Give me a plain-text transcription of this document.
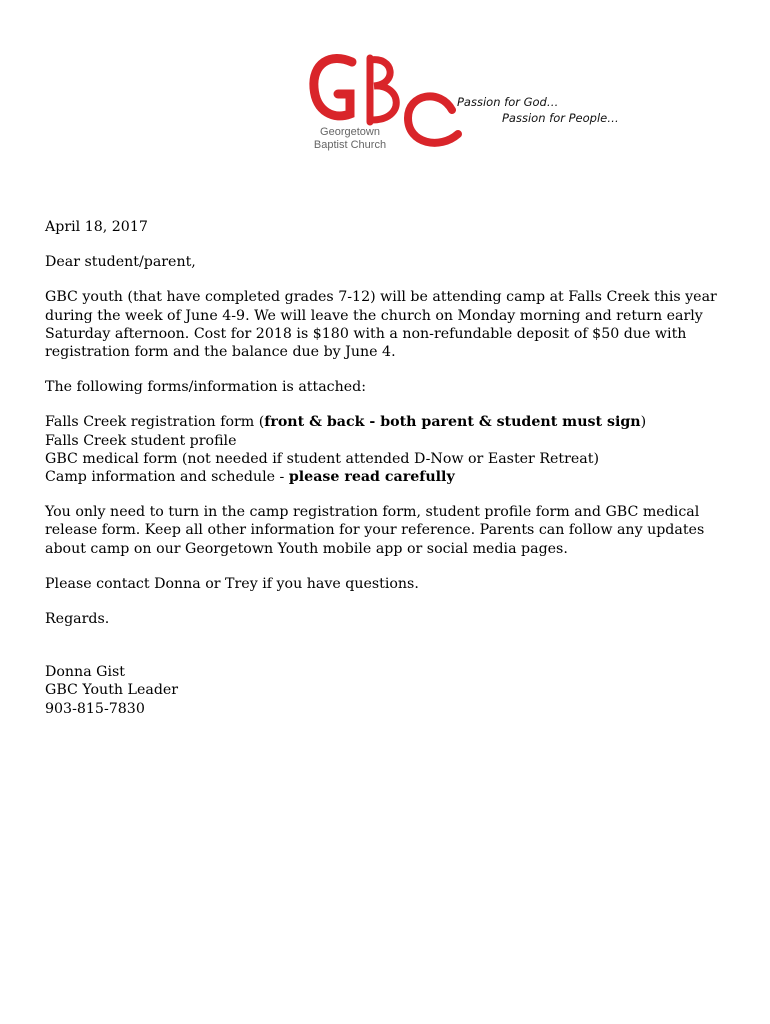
Georgetown
Baptist Church
Passion for God…
Passion for People…

April 18, 2017

Dear student/parent,

GBC youth (that have completed grades 7-12) will be attending camp at Falls Creek this year during the week of June 4-9. We will leave the church on Monday morning and return early Saturday afternoon. Cost for 2018 is $180 with a non-refundable deposit of $50 due with registration form and the balance due by June 4.

The following forms/information is attached:

Falls Creek registration form (front & back - both parent & student must sign)

Falls Creek student profile

GBC medical form (not needed if student attended D-Now or Easter Retreat)

Camp information and schedule - please read carefully

You only need to turn in the camp registration form, student profile form and GBC medical release form. Keep all other information for your reference. Parents can follow any updates about camp on our Georgetown Youth mobile app or social media pages.

Please contact Donna or Trey if you have questions.

Regards.

Donna Gist

GBC Youth Leader

903-815-7830
